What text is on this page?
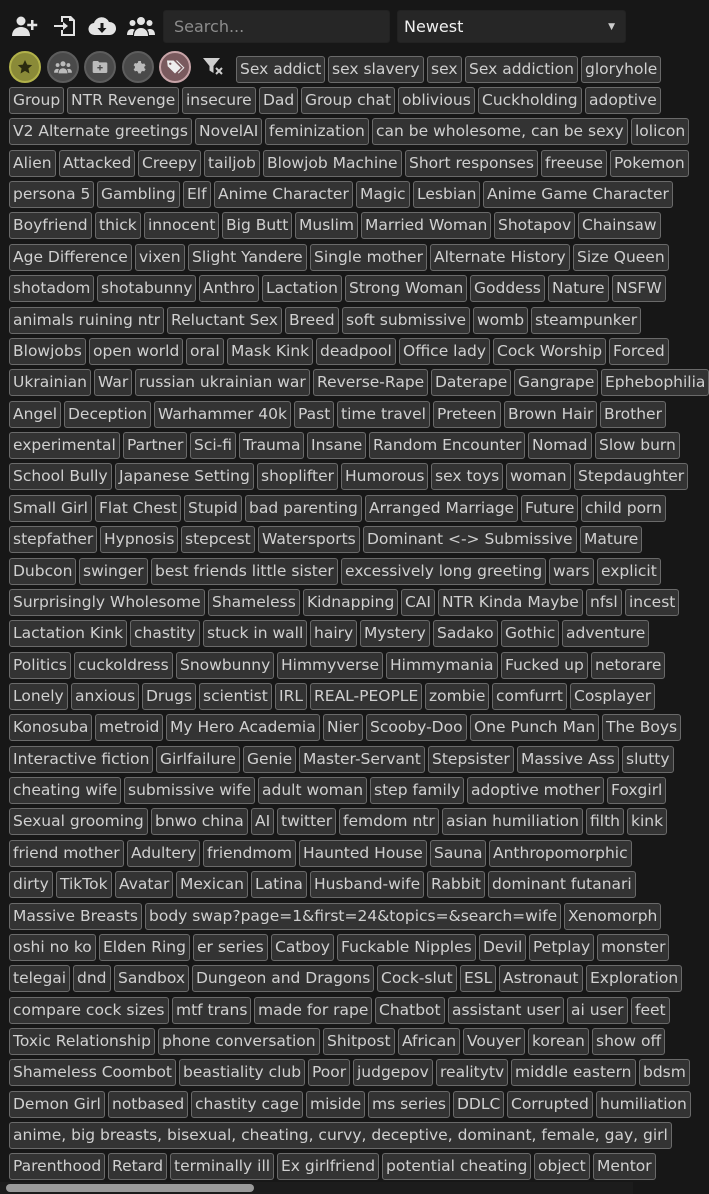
Search...
Newest	▼
Sex addict sex slavery sex Sex addiction gloryhole
Group NTR Revenge insecure Dad Group chat oblivious Cuckholding adoptive
V2 Alternate greetings NovelAI feminization can be wholesome, can be sexy lolicon
Alien Attacked Creepy tailjob Blowjob Machine Short responses freeuse Pokemon
persona 5 Gambling Elf Anime Character Magic Lesbian Anime Game Character
Boyfriend thick innocent Big Butt Muslim Married Woman Shotapov Chainsaw
Age Difference vixen Slight Yandere Single mother Alternate History Size Queen
shotadom shotabunny Anthro Lactation Strong Woman Goddess Nature NSFW
animals ruining ntr Reluctant Sex Breed soft submissive womb steampunker
Blowjobs open world oral Mask Kink deadpool Office lady Cock Worship Forced
Ukrainian War russian ukrainian war Reverse-Rape Daterape Gangrape Ephebophilia
Angel Deception Warhammer 40k Past time travel Preteen Brown Hair Brother
experimental Partner Sci-fi Trauma Insane Random Encounter Nomad Slow burn
School Bully Japanese Setting shoplifter Humorous sex toys woman Stepdaughter
Small Girl Flat Chest Stupid bad parenting Arranged Marriage Future child porn
stepfather Hypnosis stepcest Watersports Dominant <-> Submissive Mature
Dubcon swinger best friends little sister excessively long greeting wars explicit
Surprisingly Wholesome Shameless Kidnapping CAI NTR Kinda Maybe nfsl incest
Lactation Kink chastity stuck in wall hairy Mystery Sadako Gothic adventure
Politics cuckoldress Snowbunny Himmyverse Himmymania Fucked up netorare
Lonely anxious Drugs scientist IRL REAL-PEOPLE zombie comfurrt Cosplayer
Konosuba metroid My Hero Academia Nier Scooby-Doo One Punch Man The Boys
Interactive fiction Girlfailure Genie Master-Servant Stepsister Massive Ass slutty
cheating wife submissive wife adult woman step family adoptive mother Foxgirl
Sexual grooming bnwo china AI twitter femdom ntr asian humiliation filth kink
friend mother Adultery friendmom Haunted House Sauna Anthropomorphic
dirty TikTok Avatar Mexican Latina Husband-wife Rabbit dominant futanari
Massive Breasts body swap?page=1&first=24&topics=&search=wife Xenomorph
oshi no ko Elden Ring er series Catboy Fuckable Nipples Devil Petplay monster
telegai dnd Sandbox Dungeon and Dragons Cock-slut ESL Astronaut Exploration
compare cock sizes mtf trans made for rape Chatbot assistant user ai user feet
Toxic Relationship phone conversation Shitpost African Vouyer korean show off
Shameless Coombot beastiality club Poor judgepov realitytv middle eastern bdsm
Demon Girl notbased chastity cage miside ms series DDLC Corrupted humiliation
anime, big breasts, bisexual, cheating, curvy, deceptive, dominant, female, gay, girl
Parenthood Retard terminally ill Ex girlfriend potential cheating object Mentor
